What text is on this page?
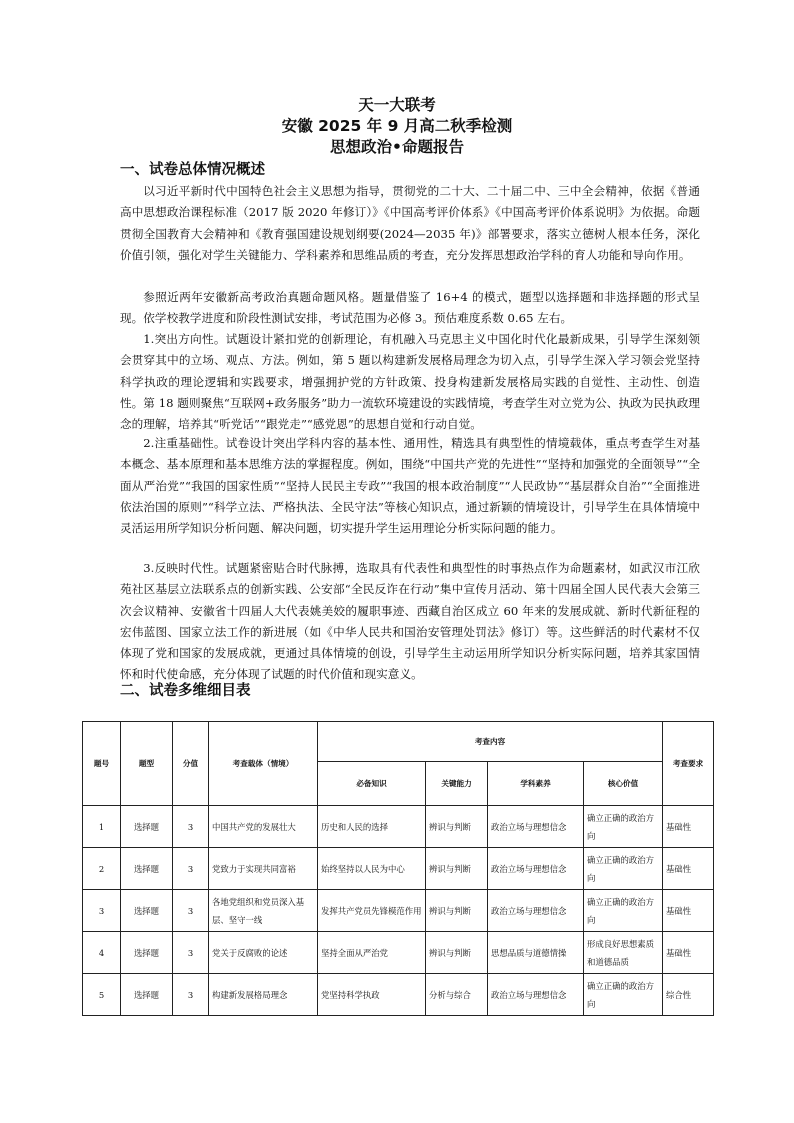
天一大联考
安徽 2025 年 9 月高二秋季检测
思想政治•命题报告
一、试卷总体情况概述

以习近平新时代中国特色社会主义思想为指导，贯彻党的二十大、二十届二中、三中全会精神，依据《普通高中思想政治课程标准（2017 版 2020 年修订）》《中国高考评价体系》《中国高考评价体系说明》为依据。命题贯彻全国教育大会精神和《教育强国建设规划纲要(2024—2035 年)》部署要求，落实立德树人根本任务，深化价值引领，强化对学生关键能力、学科素养和思维品质的考查，充分发挥思想政治学科的育人功能和导向作用。

参照近两年安徽新高考政治真题命题风格。题量借鉴了 16+4 的模式，题型以选择题和非选择题的形式呈现。依学校教学进度和阶段性测试安排，考试范围为必修 3。预估难度系数 0.65 左右。

1.突出方向性。试题设计紧扣党的创新理论，有机融入马克思主义中国化时代化最新成果，引导学生深刻领会贯穿其中的立场、观点、方法。例如，第 5 题以构建新发展格局理念为切入点，引导学生深入学习领会党坚持科学执政的理论逻辑和实践要求，增强拥护党的方针政策、投身构建新发展格局实践的自觉性、主动性、创造性。第 18 题则聚焦“互联网+政务服务”助力一流软环境建设的实践情境，考查学生对立党为公、执政为民执政理念的理解，培养其“听党话”“跟党走”“感党恩”的思想自觉和行动自觉。

2.注重基础性。试卷设计突出学科内容的基本性、通用性，精选具有典型性的情境载体，重点考查学生对基本概念、基本原理和基本思维方法的掌握程度。例如，围绕“中国共产党的先进性”“坚持和加强党的全面领导”“全面从严治党”“我国的国家性质”“坚持人民民主专政”“我国的根本政治制度”“人民政协”“基层群众自治”“全面推进依法治国的原则”“科学立法、严格执法、全民守法”等核心知识点，通过新颖的情境设计，引导学生在具体情境中灵活运用所学知识分析问题、解决问题，切实提升学生运用理论分析实际问题的能力。

3.反映时代性。试题紧密贴合时代脉搏，选取具有代表性和典型性的时事热点作为命题素材，如武汉市江欣苑社区基层立法联系点的创新实践、公安部“全民反诈在行动”集中宣传月活动、第十四届全国人民代表大会第三次会议精神、安徽省十四届人大代表姚美姣的履职事迹、西藏自治区成立 60 年来的发展成就、新时代新征程的宏伟蓝图、国家立法工作的新进展（如《中华人民共和国治安管理处罚法》修订）等。这些鲜活的时代素材不仅体现了党和国家的发展成就，更通过具体情境的创设，引导学生主动运用所学知识分析实际问题，培养其家国情怀和时代使命感，充分体现了试题的时代价值和现实意义。

二、试卷多维细目表
题号	题型	分值	考查载体（情境）	考查内容				考查要求
				必备知识	关键能力	学科素养	核心价值	
1	选择题	3	中国共产党的发展壮大	历史和人民的选择	辨识与判断	政治立场与理想信念	确立正确的政治方向	基础性
2	选择题	3	党致力于实现共同富裕	始终坚持以人民为中心	辨识与判断	政治立场与理想信念	确立正确的政治方向	基础性
3	选择题	3	各地党组织和党员深入基层、坚守一线	发挥共产党员先锋模范作用	辨识与判断	政治立场与理想信念	确立正确的政治方向	基础性
4	选择题	3	党关于反腐败的论述	坚持全面从严治党	辨识与判断	思想品质与道德情操	形成良好思想素质和道德品质	基础性
5	选择题	3	构建新发展格局理念	党坚持科学执政	分析与综合	政治立场与理想信念	确立正确的政治方向	综合性
